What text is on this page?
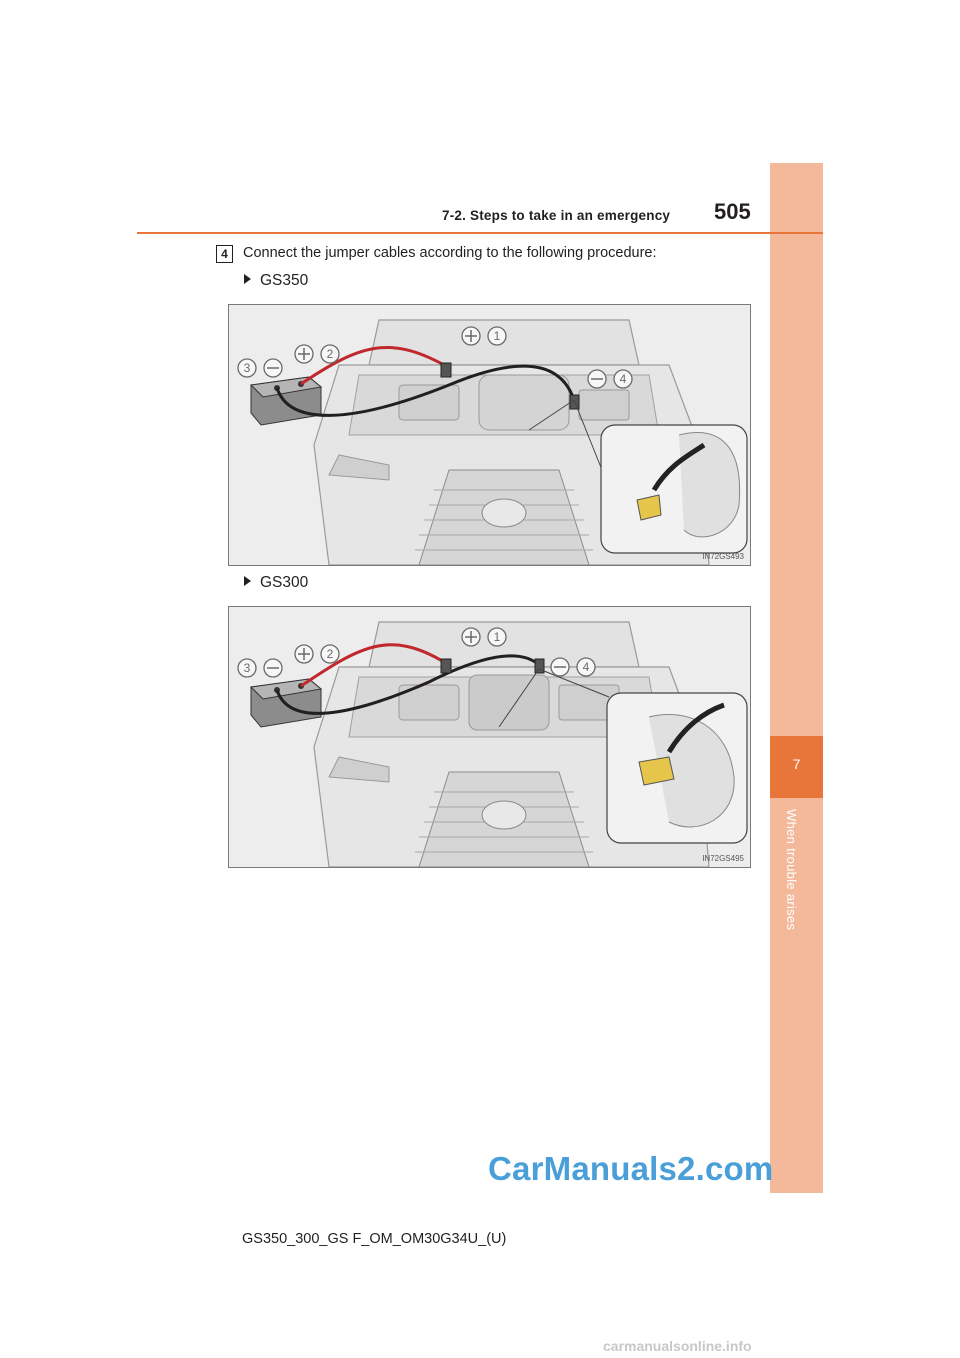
7
When trouble arises
7-2. Steps to take in an emergency 505
4	Connect the jumper cables according to the following procedure:
GS350
3
2
1
4
IN72GS493
GS300
3
2
1
4
IN72GS495
CarManuals2.com
GS350_300_GS F_OM_OM30G34U_(U)
carmanualsonline.info
